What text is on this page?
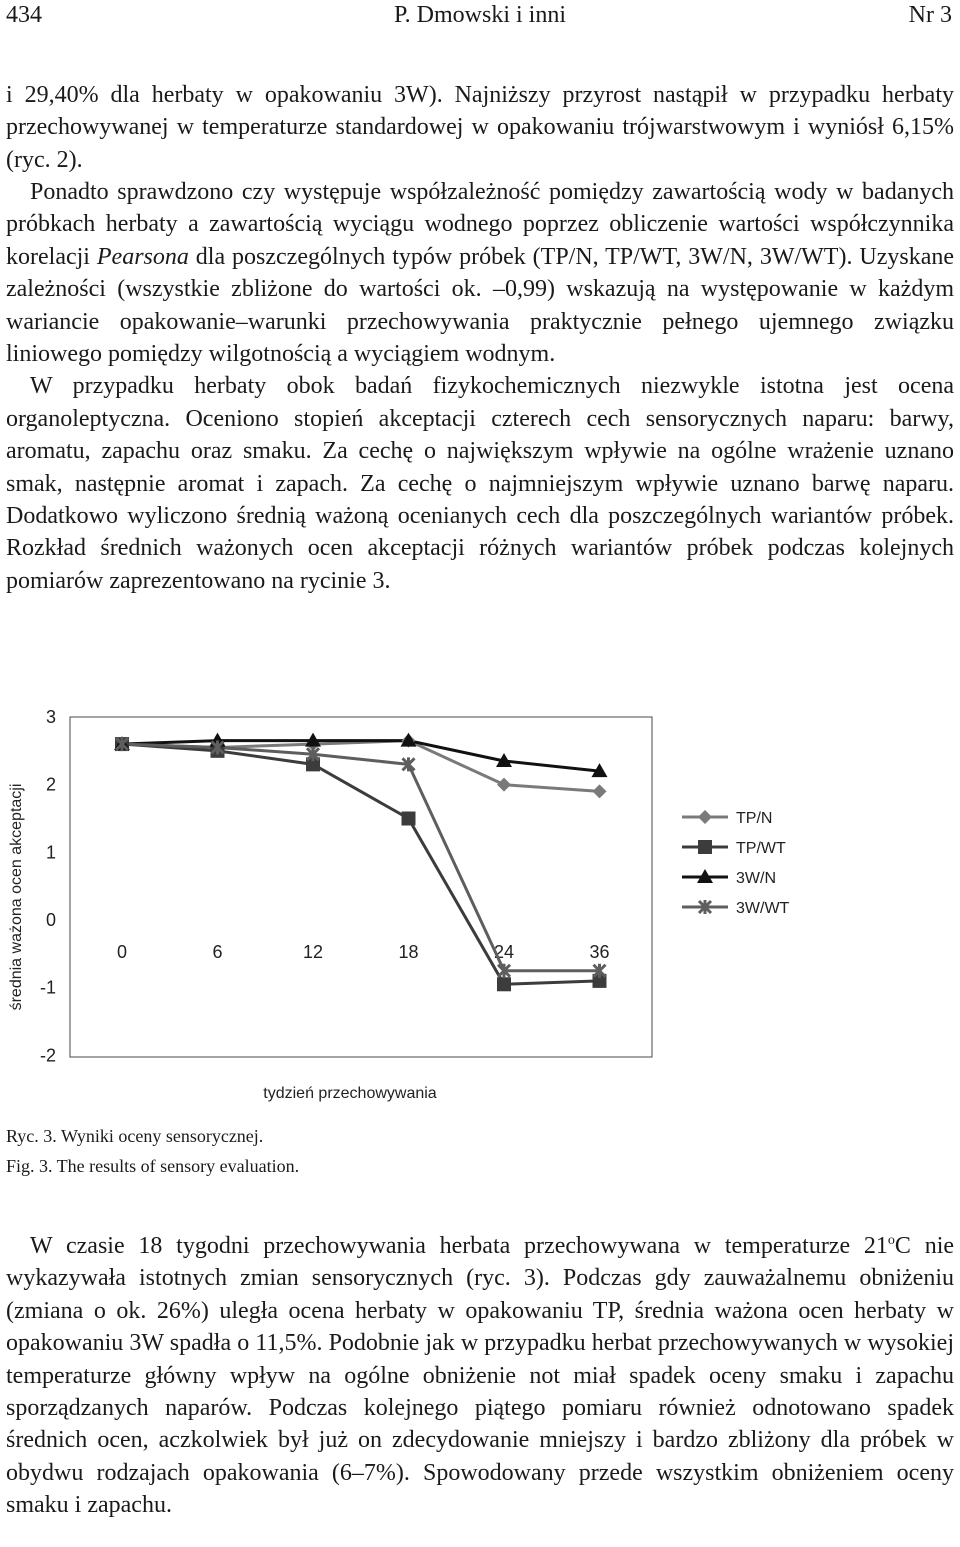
434	P. Dmowski i inni	Nr 3

i 29,40% dla herbaty w opakowaniu 3W). Najniższy przyrost nastąpił w przypadku herbaty przechowywanej w temperaturze standardowej w opakowaniu trójwarstwowym i wyniósł 6,15% (ryc. 2).

Ponadto sprawdzono czy występuje współzależność pomiędzy zawartością wody w badanych próbkach herbaty a zawartością wyciągu wodnego poprzez obliczenie wartości współczynnika korelacji Pearsona dla poszczególnych typów próbek (TP/N, TP/WT, 3W/N, 3W/WT). Uzyskane zależności (wszystkie zbliżone do wartości ok. –0,99) wskazują na występowanie w każdym wariancie opakowanie–warunki przechowywania praktycznie pełnego ujemnego związku liniowego pomiędzy wilgotnością a wyciągiem wodnym.
W przypadku herbaty obok badań fizykochemicznych niezwykle istotna jest ocena organoleptyczna. Oceniono stopień akceptacji czterech cech sensorycznych naparu: barwy, aromatu, zapachu oraz smaku. Za cechę o największym wpływie na ogólne wrażenie uznano smak, następnie aromat i zapach. Za cechę o najmniejszym wpływie uznano barwę naparu. Dodatkowo wyliczono średnią ważoną ocenianych cech dla poszczególnych wariantów próbek. Rozkład średnich ważonych ocen akceptacji różnych wariantów próbek podczas kolejnych pomiarów zaprezentowano na rycinie 3.
3
2
1
0
-1
-2
0	6	12	18	24	36
TP/N
TP/WT
3W/N
3W/WT
średnia ważona ocen akceptacji
tydzień przechowywania
Ryc. 3. Wyniki oceny sensorycznej.
Fig. 3. The results of sensory evaluation.

W czasie 18 tygodni przechowywania herbata przechowywana w temperaturze 21$^o$C nie wykazywała istotnych zmian sensorycznych (ryc. 3). Podczas gdy zauważalnemu obniżeniu (zmiana o ok. 26%) uległa ocena herbaty w opakowaniu TP, średnia ważona ocen herbaty w opakowaniu 3W spadła o 11,5%. Podobnie jak w przypadku herbat przechowywanych w wysokiej temperaturze główny wpływ na ogólne obniżenie not miał spadek oceny smaku i zapachu sporządzanych naparów. Podczas kolejnego piątego pomiaru również odnotowano spadek średnich ocen, aczkolwiek był już on zdecydowanie mniejszy i bardzo zbliżony dla próbek w obydwu rodzajach opakowania (6–7%). Spowodowany przede wszystkim obniżeniem oceny smaku i zapachu.
